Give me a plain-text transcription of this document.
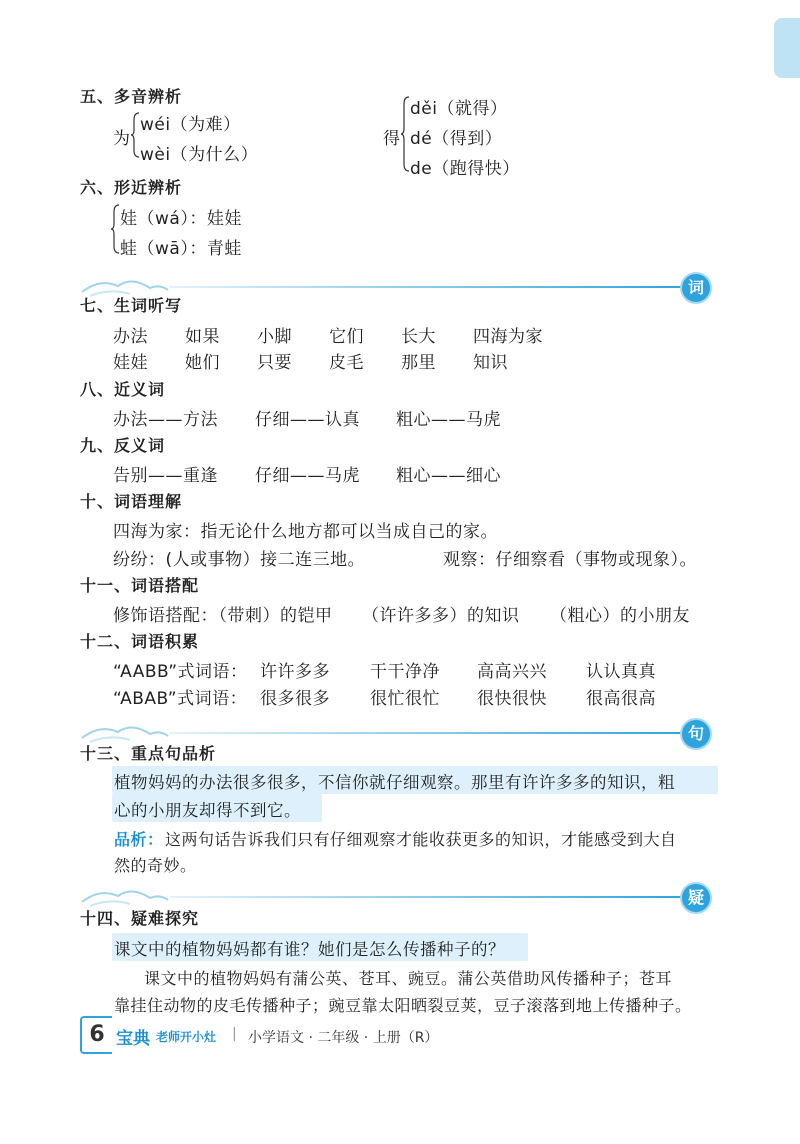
五、多音辨析
为
wéi（为难）
wèi（为什么）
得
děi（就得）
dé（得到）
de（跑得快）
六、形近辨析
娃（wá）：娃娃
蛙（wā）：青蛙
词
七、生词听写
办法 如果 小脚 它们 长大 四海为家
娃娃 她们 只要 皮毛 那里 知识
八、近义词
办法——方法 仔细——认真 粗心——马虎
九、反义词
告别——重逢 仔细——马虎 粗心——细心
十、词语理解
四海为家：指无论什么地方都可以当成自己的家。
纷纷：(人或事物）接二连三地。	观察：仔细察看（事物或现象）。
十一、词语搭配
修饰语搭配：
（带刺）的铠甲 （许许多多）的知识 （粗心）的小朋友
十二、词语积累
“AABB”式词语： 许许多多 干干净净 高高兴兴 认认真真
“ABAB”式词语： 很多很多 很忙很忙 很快很快 很高很高
句
十三、重点句品析
植物妈妈的办法很多很多，不信你就仔细观察。那里有许许多多的知识，粗
心的小朋友却得不到它。
品析： 这两句话告诉我们只有仔细观察才能收获更多的知识，才能感受到大自
然的奇妙。
疑
十四、疑难探究
课文中的植物妈妈都有谁？她们是怎么传播种子的？
课文中的植物妈妈有蒲公英、苍耳、豌豆。蒲公英借助风传播种子；苍耳
靠挂住动物的皮毛传播种子；豌豆靠太阳晒裂豆荚，豆子滚落到地上传播种子。
6 宝典 老师开小灶 | 小学语文 · 二年级 · 上册（R）
